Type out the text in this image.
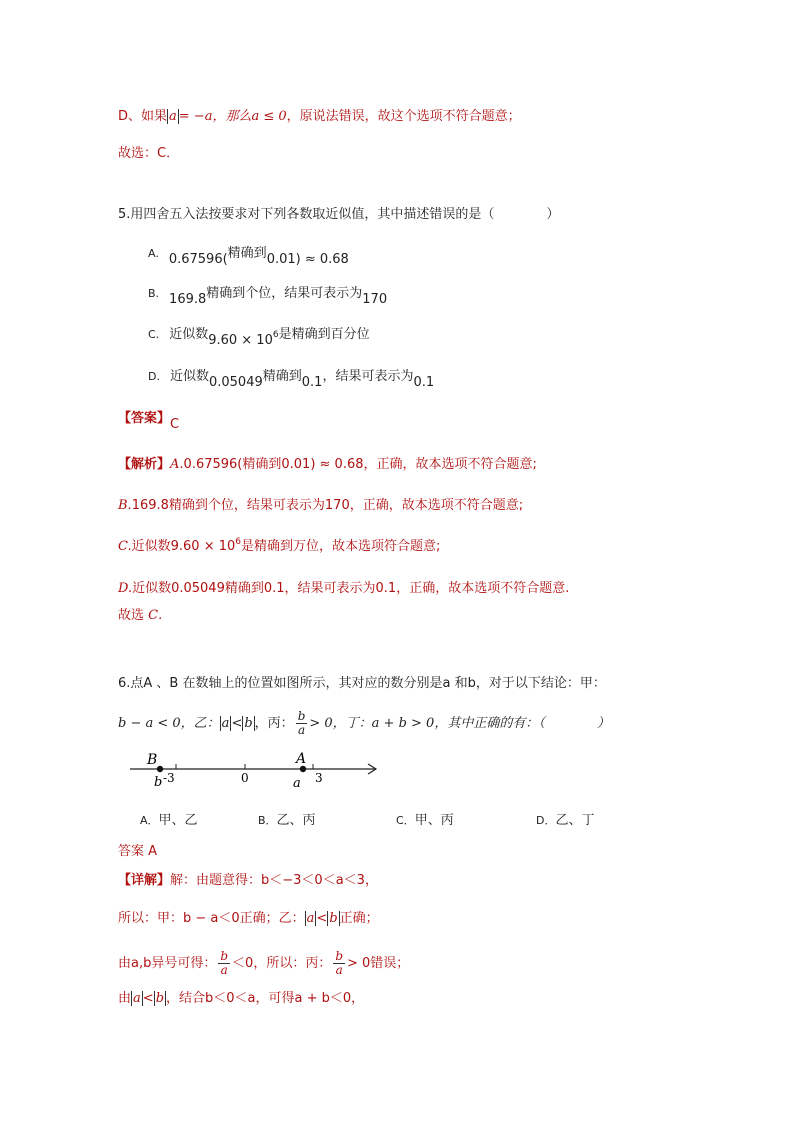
D、如果 a = −a，那么a ≤ 0，原说法错误，故这个选项不符合题意；
故选：C．
5.用四舍五入法按要求对下列各数取近似值，其中描述错误的是（　　　　）
A. 0.67596(精确到0.01) ≈ 0.68
B. 169.8精确到个位，结果可表示为170
C. 近似数9.60 × 106是精确到百分位
D. 近似数0.05049精确到0.1，结果可表示为0.1
【答案】C
【解析】A.0.67596(精确到0.01) ≈ 0.68，正确，故本选项不符合题意;
B.169.8精确到个位，结果可表示为170，正确，故本选项不符合题意;
C.近似数$9.60 \times 10^6$是精确到万位，故本选项符合题意;
D.近似数0.05049精确到0.1，结果可表示为0.1，正确，故本选项不符合题意.
故选 C.
6.点A 、B 在数轴上的位置如图所示，其对应的数分别是a 和b，对于以下结论：甲：
b − a < 0，乙： a < b ，丙： $\frac{b}{a} > 0$，丁：a + b > 0，其中正确的有：（　　　　）
B
b -3	0
A
a 3
A．甲、乙	B．乙、丙	C．甲、丙	D．乙、丁
答案 A
【详解】解：由题意得：b＜−3＜0＜a＜3，
所以：甲：b − a＜0正确；乙： a < b 正确；
由a,b异号可得： $\frac{b}{a} <0$，所以：丙： $\frac{b}{a} > 0$错误；
由 a < b ，结合b＜0＜a，可得a + b＜0，
